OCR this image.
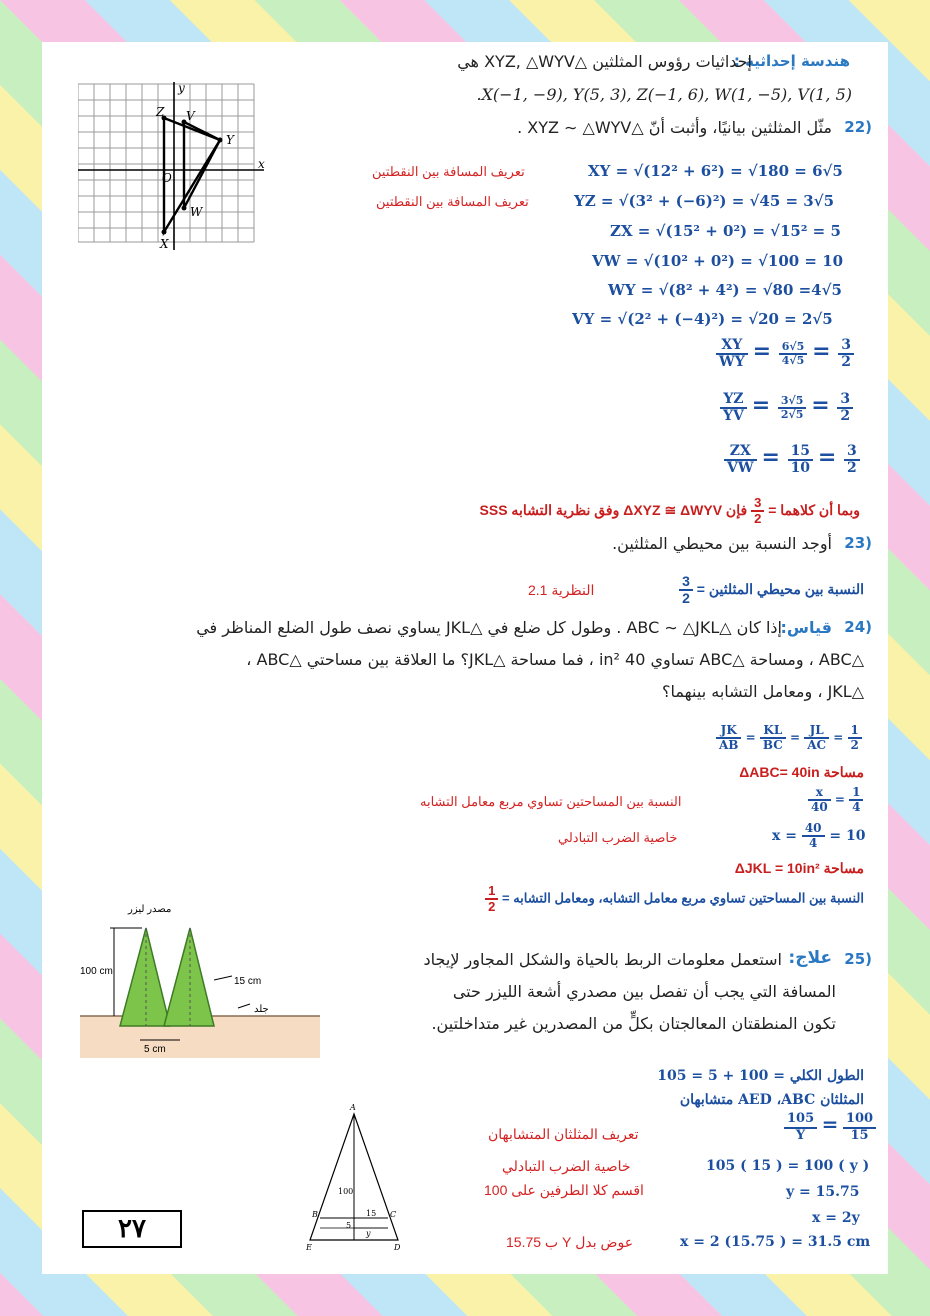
هندسة إحداثية :
إحداثيات رؤوس المثلثين △XYZ, △WYV هي
.X(−1, −9), Y(5, 3), Z(−1, 6), W(1, −5), V(1, 5)
22)
مثّل المثلثين بيانيًا، وأثبت أنّ △XYZ ∼ △WYV .
y
x
O
Z V
Y
W
X
تعريف المسافة بين النقطتين
تعريف المسافة بين النقطتين
XY = √(12² + 6²) = √180 = 6√5
YZ = √(3² + (−6)²) = √45 = 3√5
ZX = √(15² + 0²) = √15² = 5
VW = √(10² + 0²) = √100 = 10
WY = √(8² + 4²) = √80 =4√5
VY = √(2² + (−4)²) = √20 = 2√5
$\frac{XY}{WY} = \frac{6√5}{4√5} = \frac{3}{2}$
$\frac{YZ}{YV} = \frac{3√5}{2√5} = \frac{3}{2}$
$\frac{ZX}{VW} = \frac{15}{10} = \frac{3}{2}$
وبما أن كلاهما =
$\frac{3}{2}$
فإن ΔXYZ ≅ ΔWYV وفق نظرية التشابه SSS
23)
أوجد النسبة بين محيطي المثلثين.
النسبة بين محيطي المثلثين =
$\frac{3}{2}$
النظرية 2.1
24)
قياس:
إذا كان △ABC ∼ △JKL . وطول كل ضلع في △JKL يساوي نصف طول الضلع المناظر في
△ABC ، ومساحة △ABC تساوي 40 in² ، فما مساحة △JKL؟ ما العلاقة بين مساحتي △ABC ،
△JKL ، ومعامل التشابه بينهما؟
$\frac{JK}{AB} = \frac{KL}{BC} = \frac{JL}{AC} = \frac{1}{2}$
مساحة ΔABC= 40in
$\frac{x}{40} = \frac{1}{4}$
النسبة بين المساحتين تساوي مربع معامل التشابه
$x = \frac{40}{4} = 10$
خاصية الضرب التبادلي
مساحة ΔJKL = 10in²
النسبة بين المساحتين تساوي مربع معامل التشابه، ومعامل التشابه =
$\frac{1}{2}$
مصدر ليزر
100 cm
15 cm
جلد
5 cm
25)
علاج:
استعمل معلومات الربط بالحياة والشكل المجاور لإيجاد
المسافة التي يجب أن تفصل بين مصدري أشعة الليزر حتى
تكون المنطقتان المعالجتان بكلٍّ من المصدرين غير متداخلتين.
A
B	C
D
E
100
5
15
y
الطول الكلي = 100 + 5 = 105
المثلثان AED ،ABC متشابهان
تعريف المثلثان المتشابهان	$\frac{105}{Y} = \frac{100}{15}$
105 ( 15 ) = 100 ( y )
خاصية الضرب التبادلي
y = 15.75
اقسم كلا الطرفين على 100
x = 2y
x = 2 (15.75 ) = 31.5 cm
عوض بدل Y ب 15.75
٢٧
